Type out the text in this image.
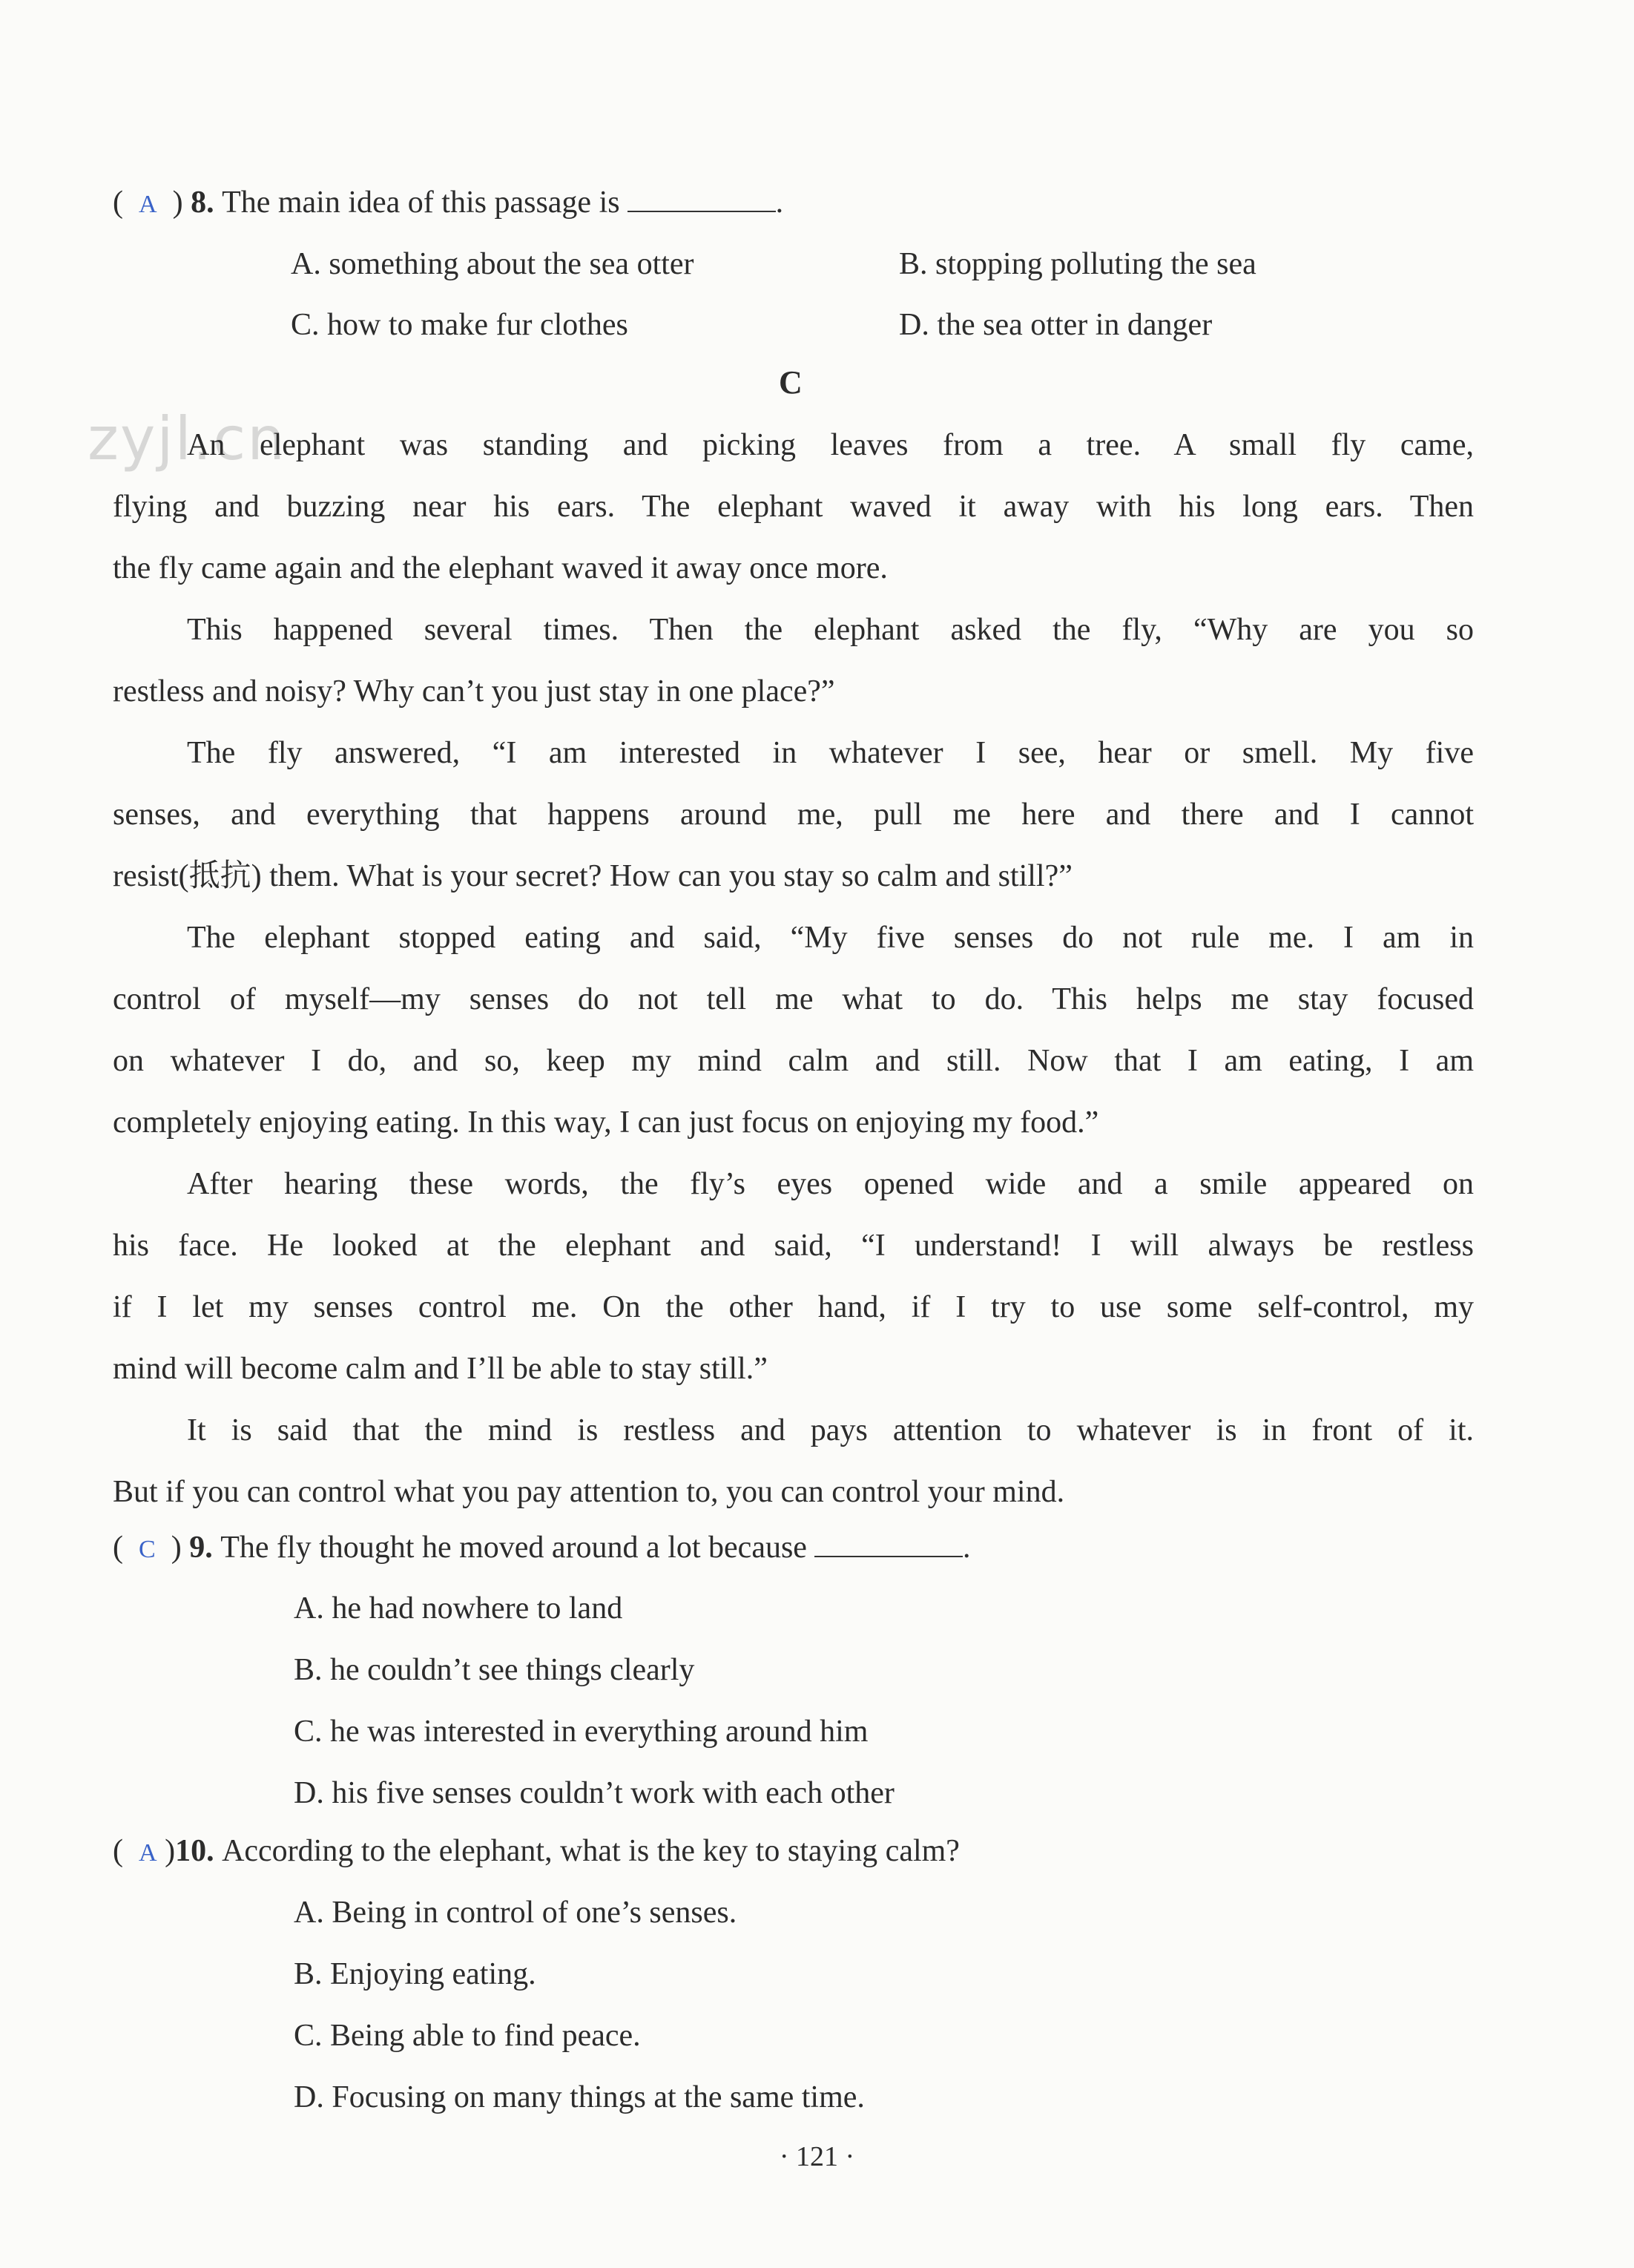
(  A  ) 8. The main idea of this passage is	.
A. something about the sea otter	B. stopping polluting the sea
C. how to make fur clothes	D. the sea otter in danger
C
zyjl.cn
An elephant was standing and picking leaves from a tree. A small fly came,
flying and buzzing near his ears. The elephant waved it away with his long ears. Then
the fly came again and the elephant waved it away once more.
This happened several times. Then the elephant asked the fly, “Why are you so
restless and noisy? Why can’t you just stay in one place?”
The fly answered, “I am interested in whatever I see, hear or smell. My five
senses, and everything that happens around me, pull me here and there and I cannot
resist(抵抗) them. What is your secret? How can you stay so calm and still?”
The elephant stopped eating and said, “My five senses do not rule me. I am in
control of myself—my senses do not tell me what to do. This helps me stay focused
on whatever I do, and so, keep my mind calm and still. Now that I am eating, I am
completely enjoying eating. In this way, I can just focus on enjoying my food.”
After hearing these words, the fly’s eyes opened wide and a smile appeared on
his face. He looked at the elephant and said, “I understand! I will always be restless
if I let my senses control me. On the other hand, if I try to use some self-control, my
mind will become calm and I’ll be able to stay still.”
It is said that the mind is restless and pays attention to whatever is in front of it.
But if you can control what you pay attention to, you can control your mind.
(  C  ) 9. The fly thought he moved around a lot because	.
A. he had nowhere to land
B. he couldn’t see things clearly
C. he was interested in everything around him
D. his five senses couldn’t work with each other
(  A )10. According to the elephant, what is the key to staying calm?
A. Being in control of one’s senses.
B. Enjoying eating.
C. Being able to find peace.
D. Focusing on many things at the same time.
· 121 ·
